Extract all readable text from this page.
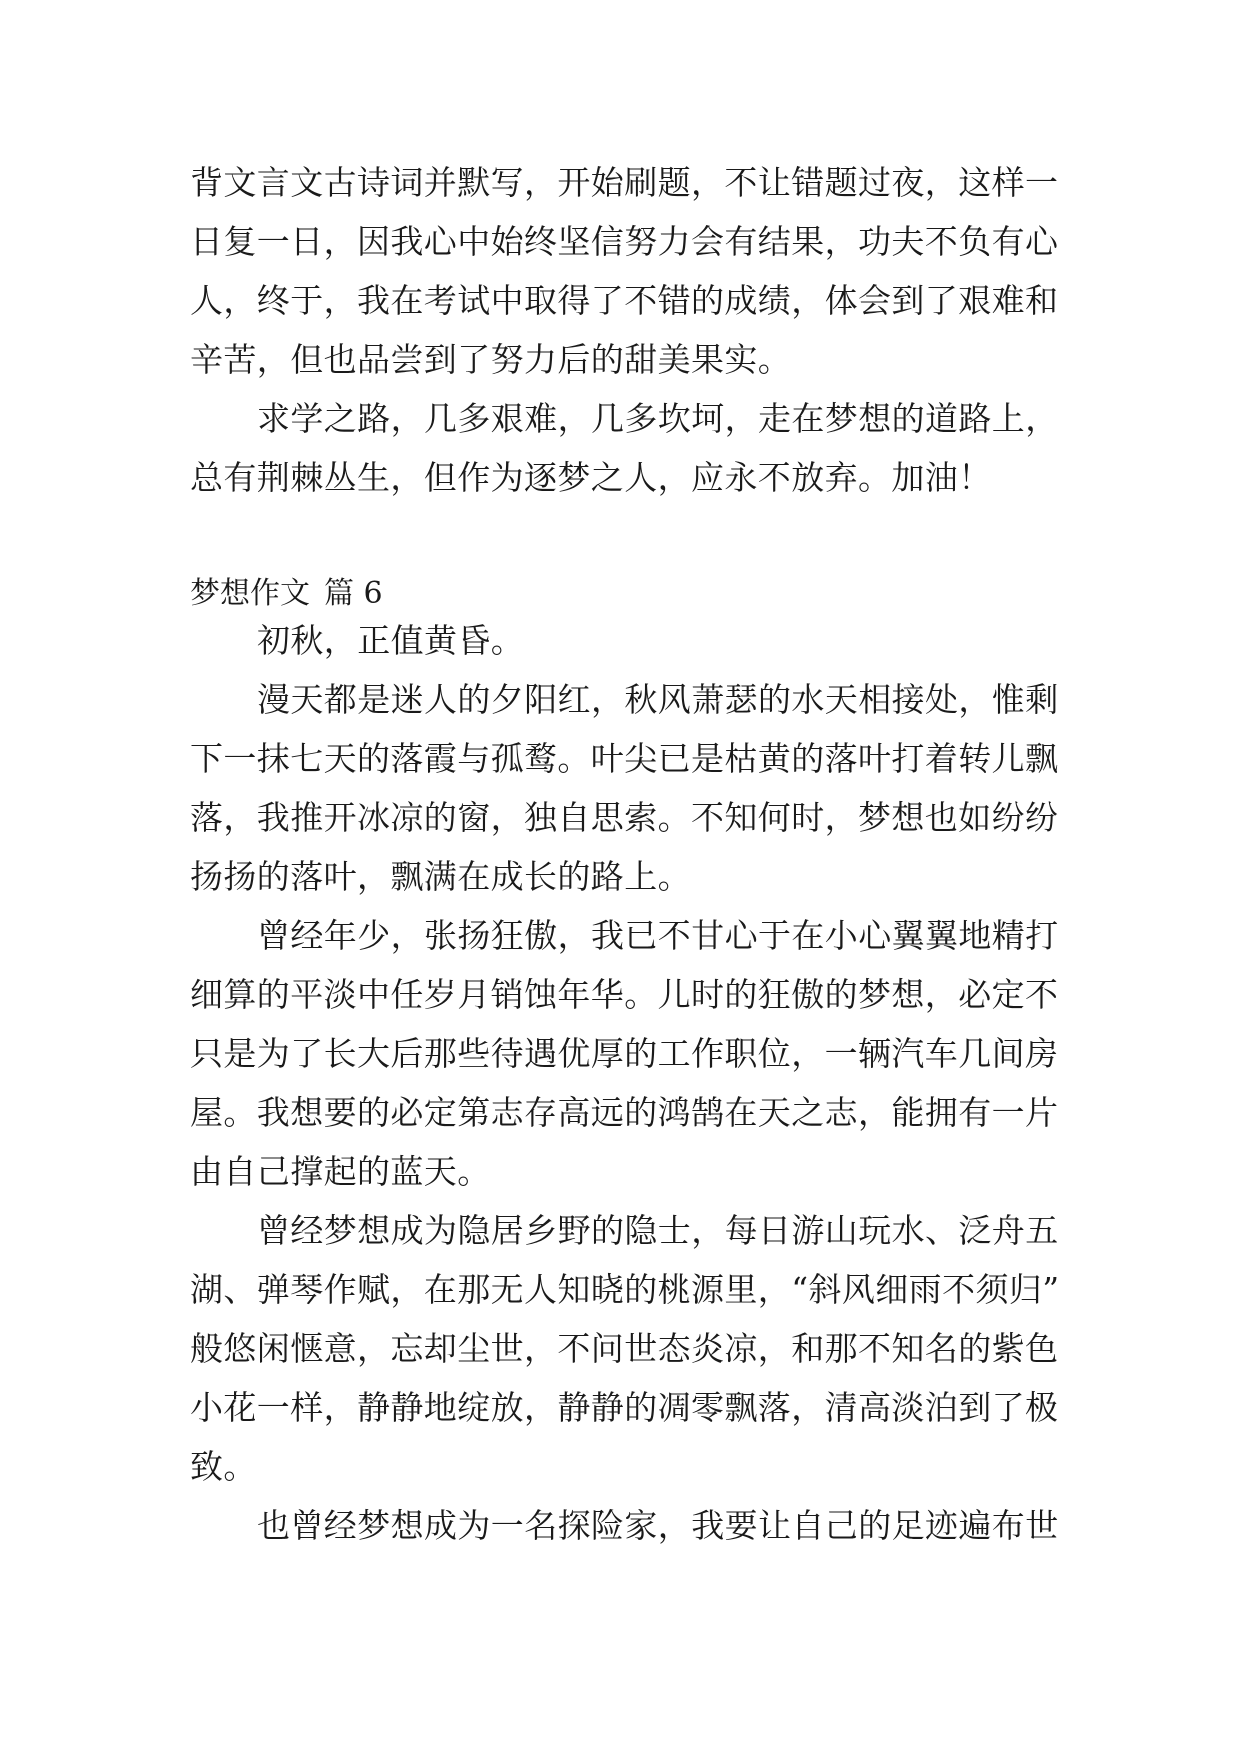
背文言文古诗词并默写，开始刷题，不让错题过夜，这样一
日复一日，因我心中始终坚信努力会有结果，功夫不负有心
人，终于，我在考试中取得了不错的成绩，体会到了艰难和
辛苦，但也品尝到了努力后的甜美果实。
求学之路，几多艰难，几多坎坷，走在梦想的道路上，
总有荆棘丛生，但作为逐梦之人，应永不放弃。加油！
梦想作文 篇 6
初秋，正值黄昏。
漫天都是迷人的夕阳红，秋风萧瑟的水天相接处，惟剩
下一抹七天的落霞与孤鹜。叶尖已是枯黄的落叶打着转儿飘
落，我推开冰凉的窗，独自思索。不知何时，梦想也如纷纷
扬扬的落叶，飘满在成长的路上。
曾经年少，张扬狂傲，我已不甘心于在小心翼翼地精打
细算的平淡中任岁月销蚀年华。儿时的狂傲的梦想，必定不
只是为了长大后那些待遇优厚的工作职位，一辆汽车几间房
屋。我想要的必定第志存高远的鸿鹄在天之志，能拥有一片
由自己撑起的蓝天。
曾经梦想成为隐居乡野的隐士，每日游山玩水、泛舟五
湖、弹琴作赋，在那无人知晓的桃源里，“斜风细雨不须归”
般悠闲惬意，忘却尘世，不问世态炎凉，和那不知名的紫色
小花一样，静静地绽放，静静的凋零飘落，清高淡泊到了极
致。
也曾经梦想成为一名探险家，我要让自己的足迹遍布世
